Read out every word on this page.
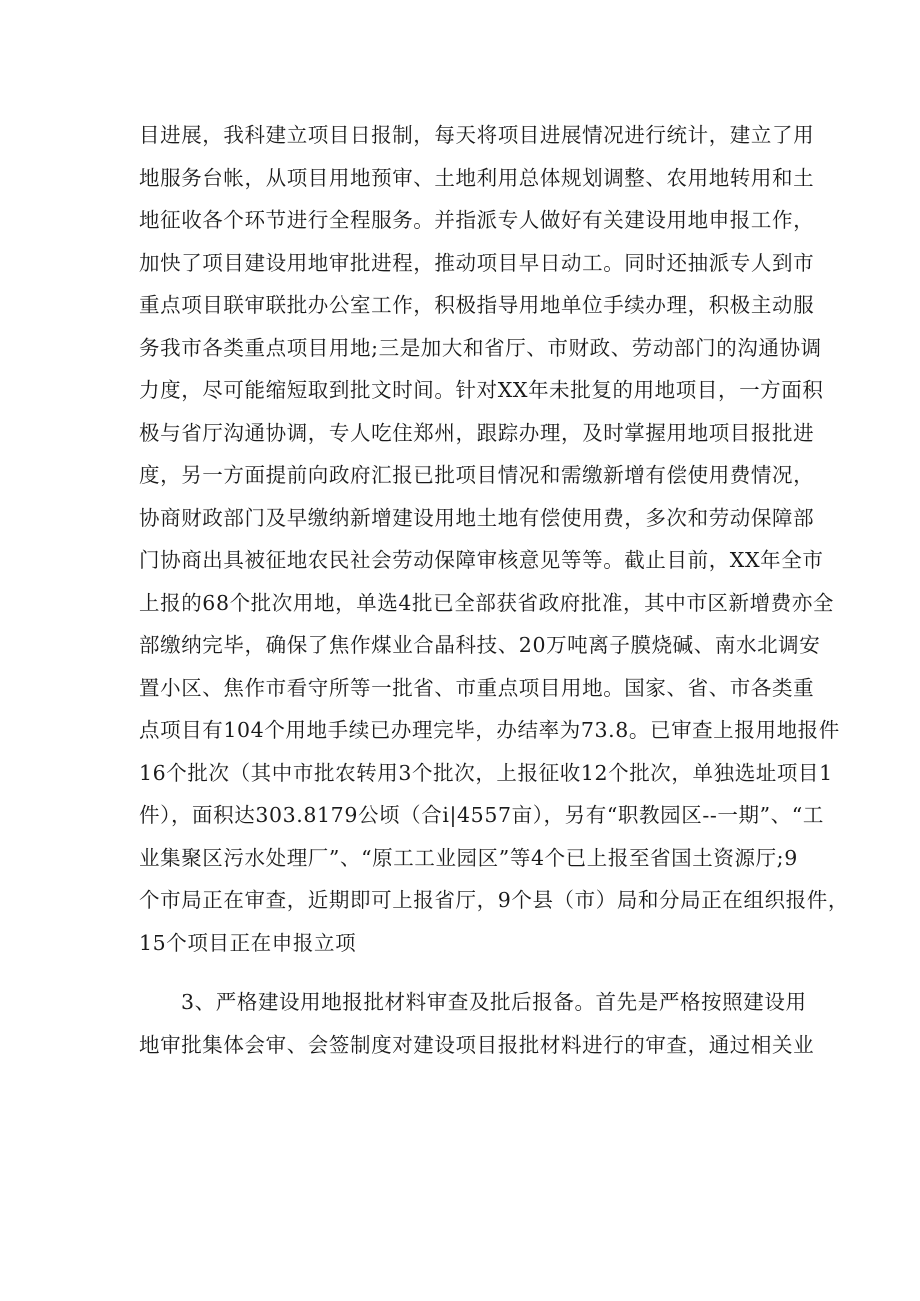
目进展，我科建立项目日报制，每天将项目进展情况进行统计，建立了用
地服务台帐，从项目用地预审、土地利用总体规划调整、农用地转用和土
地征收各个环节进行全程服务。并指派专人做好有关建设用地申报工作，
加快了项目建设用地审批进程，推动项目早日动工。同时还抽派专人到市
重点项目联审联批办公室工作，积极指导用地单位手续办理，积极主动服
务我市各类重点项目用地;三是加大和省厅、市财政、劳动部门的沟通协调
力度，尽可能缩短取到批文时间。针对XX年未批复的用地项目，一方面积
极与省厅沟通协调，专人吃住郑州，跟踪办理，及时掌握用地项目报批进
度，另一方面提前向政府汇报已批项目情况和需缴新增有偿使用费情况，
协商财政部门及早缴纳新增建设用地土地有偿使用费，多次和劳动保障部
门协商出具被征地农民社会劳动保障审核意见等等。截止目前，XX年全市
上报的68个批次用地，单选4批已全部获省政府批准，其中市区新增费亦全
部缴纳完毕，确保了焦作煤业合晶科技、20万吨离子膜烧碱、南水北调安
置小区、焦作市看守所等一批省、市重点项目用地。国家、省、市各类重
点项目有104个用地手续已办理完毕，办结率为73.8。已审查上报用地报件
16个批次（其中市批农转用3个批次，上报征收12个批次，单独选址项目1
件），面积达303.8179公顷（合i|4557亩），另有“职教园区--一期”、“工
业集聚区污水处理厂”、“原工工业园区”等4个已上报至省国土资源厅;9
个市局正在审查，近期即可上报省厅，9个县（市）局和分局正在组织报件，
15个项目正在申报立项
3、严格建设用地报批材料审查及批后报备。首先是严格按照建设用
地审批集体会审、会签制度对建设项目报批材料进行的审查，通过相关业
